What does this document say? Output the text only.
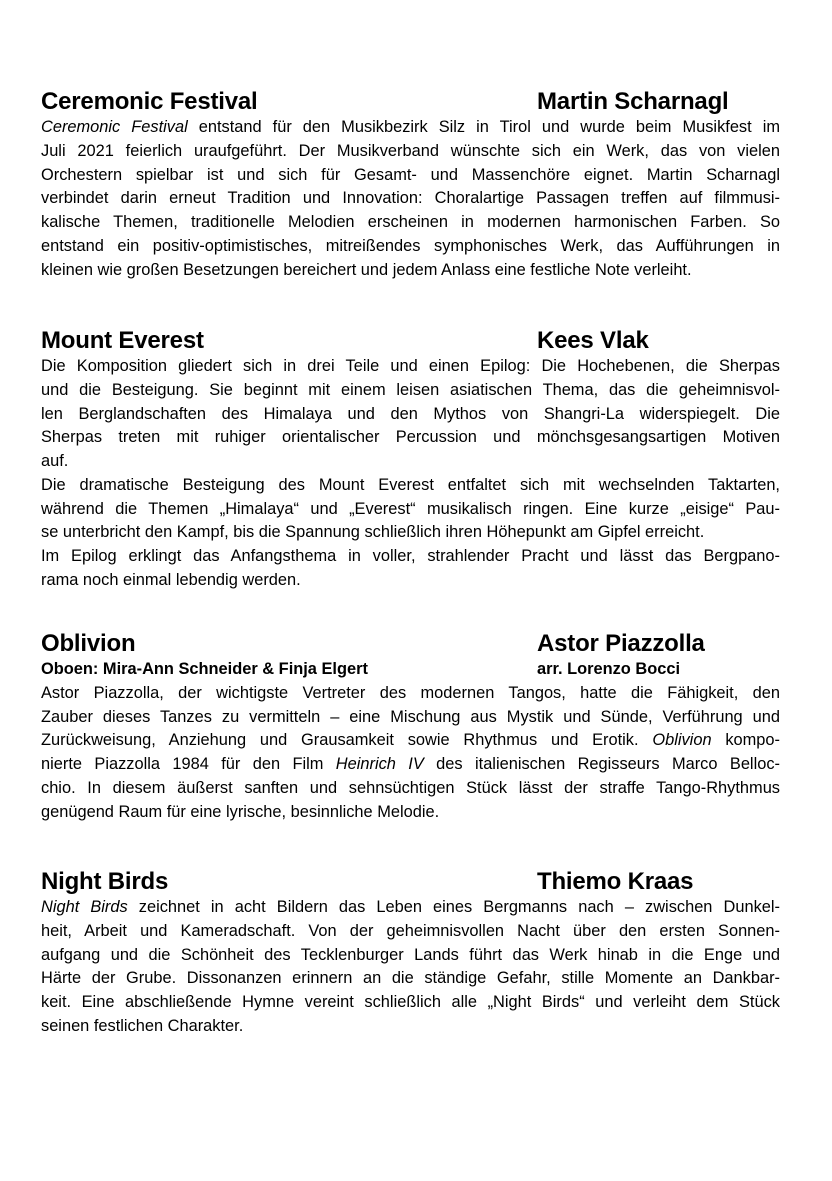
Ceremonic Festival	Martin Scharnagl
Ceremonic Festival entstand für den Musikbezirk Silz in Tirol und wurde beim Musikfest im
Juli 2021 feierlich uraufgeführt. Der Musikverband wünschte sich ein Werk, das von vielen
Orchestern spielbar ist und sich für Gesamt- und Massenchöre eignet. Martin Scharnagl
verbindet darin erneut Tradition und Innovation: Choralartige Passagen treffen auf filmmusi-
kalische Themen, traditionelle Melodien erscheinen in modernen harmonischen Farben. So
entstand ein positiv-optimistisches, mitreißendes symphonisches Werk, das Aufführungen in
kleinen wie großen Besetzungen bereichert und jedem Anlass eine festliche Note verleiht.
Mount Everest	Kees Vlak
Die Komposition gliedert sich in drei Teile und einen Epilog: Die Hochebenen, die Sherpas
und die Besteigung. Sie beginnt mit einem leisen asiatischen Thema, das die geheimnisvol-
len Berglandschaften des Himalaya und den Mythos von Shangri-La widerspiegelt. Die
Sherpas treten mit ruhiger orientalischer Percussion und mönchsgesangsartigen Motiven
auf.
Die dramatische Besteigung des Mount Everest entfaltet sich mit wechselnden Taktarten,
während die Themen „Himalaya“ und „Everest“ musikalisch ringen. Eine kurze „eisige“ Pau-
se unterbricht den Kampf, bis die Spannung schließlich ihren Höhepunkt am Gipfel erreicht.
Im Epilog erklingt das Anfangsthema in voller, strahlender Pracht und lässt das Bergpano-
rama noch einmal lebendig werden.
Oblivion	Astor Piazzolla
Oboen: Mira-Ann Schneider & Finja Elgert	arr. Lorenzo Bocci
Astor Piazzolla, der wichtigste Vertreter des modernen Tangos, hatte die Fähigkeit, den
Zauber dieses Tanzes zu vermitteln – eine Mischung aus Mystik und Sünde, Verführung und
Zurückweisung, Anziehung und Grausamkeit sowie Rhythmus und Erotik. Oblivion kompo-
nierte Piazzolla 1984 für den Film Heinrich IV des italienischen Regisseurs Marco Belloc-
chio. In diesem äußerst sanften und sehnsüchtigen Stück lässt der straffe Tango-Rhythmus
genügend Raum für eine lyrische, besinnliche Melodie.
Night Birds	Thiemo Kraas
Night Birds zeichnet in acht Bildern das Leben eines Bergmanns nach – zwischen Dunkel-
heit, Arbeit und Kameradschaft. Von der geheimnisvollen Nacht über den ersten Sonnen-
aufgang und die Schönheit des Tecklenburger Lands führt das Werk hinab in die Enge und
Härte der Grube. Dissonanzen erinnern an die ständige Gefahr, stille Momente an Dankbar-
keit. Eine abschließende Hymne vereint schließlich alle „Night Birds“ und verleiht dem Stück
seinen festlichen Charakter.
